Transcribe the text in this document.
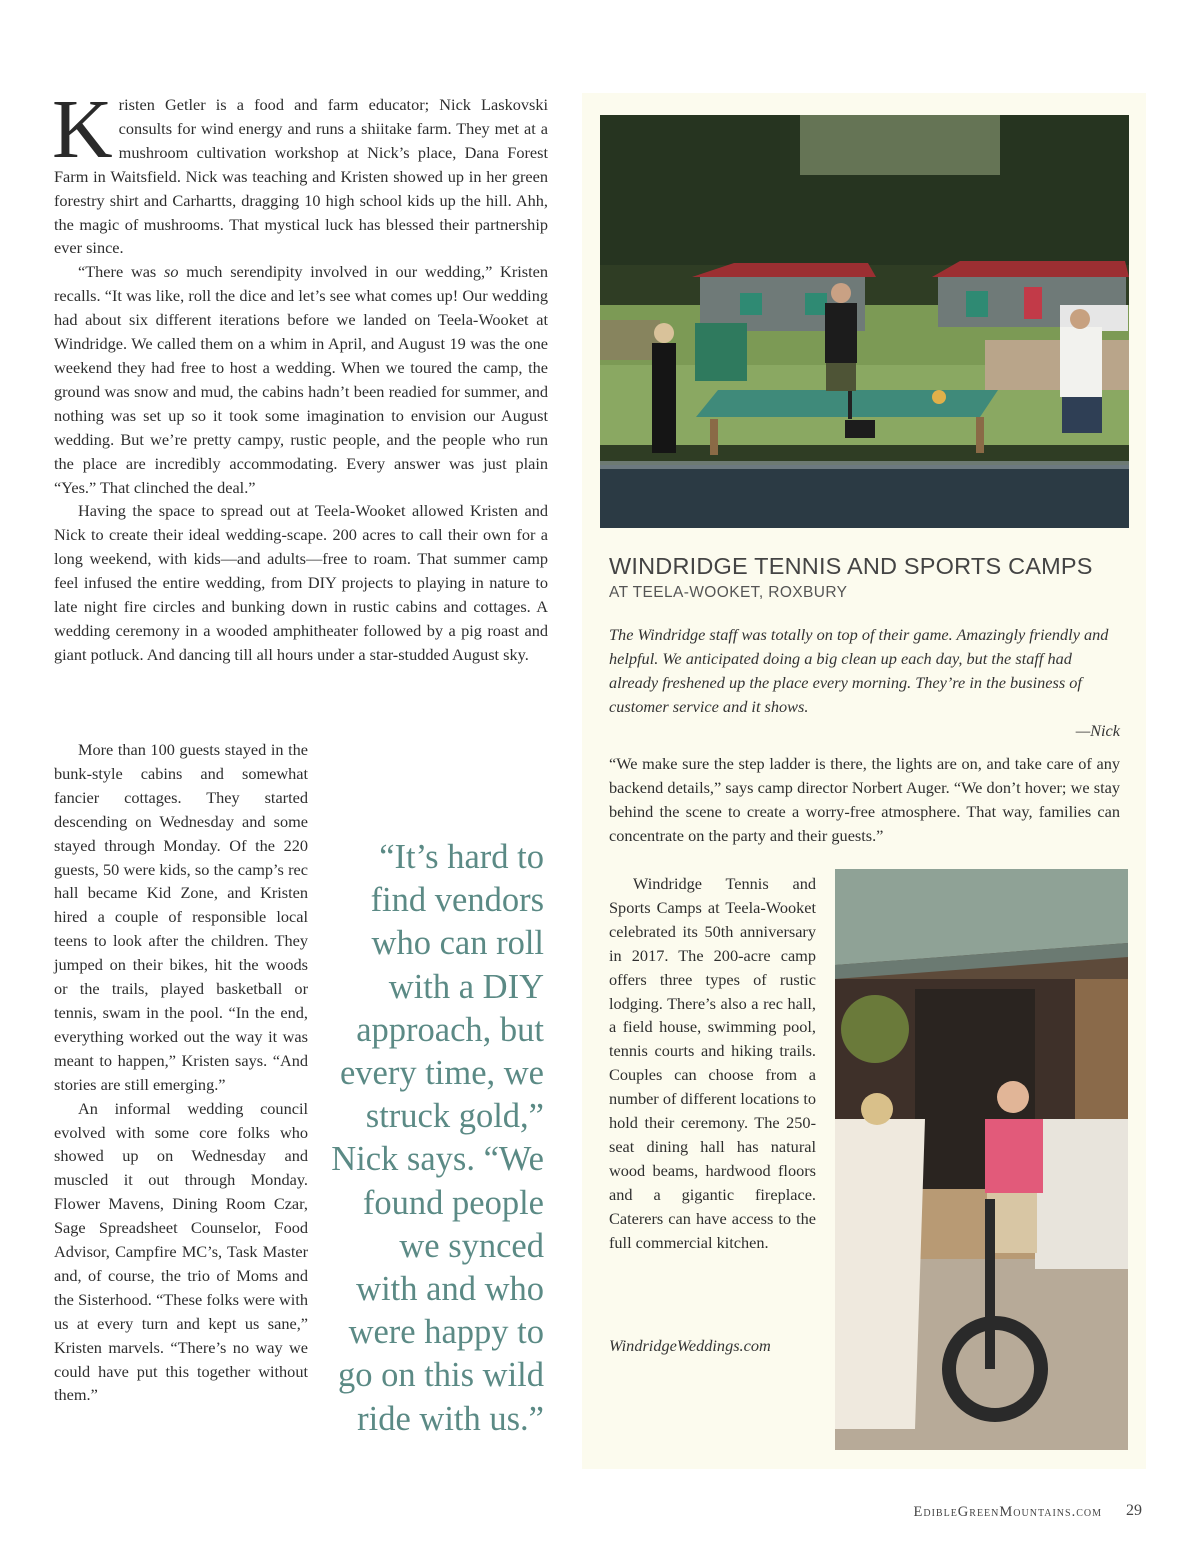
Kristen Getler is a food and farm educator; Nick Laskovski consults for wind energy and runs a shiitake farm. They met at a mushroom cultivation workshop at Nick’s place, Dana Forest Farm in Waitsfield. Nick was teaching and Kristen showed up in her green forestry shirt and Carhartts, dragging 10 high school kids up the hill. Ahh, the magic of mushrooms. That mystical luck has blessed their partnership ever since.

“There was so much serendipity involved in our wedding,” Kristen recalls. “It was like, roll the dice and let’s see what comes up! Our wedding had about six different iterations before we landed on Teela-Wooket at Windridge. We called them on a whim in April, and August 19 was the one weekend they had free to host a wedding. When we toured the camp, the ground was snow and mud, the cabins hadn’t been readied for summer, and nothing was set up so it took some imagination to envision our August wedding. But we’re pretty campy, rustic people, and the people who run the place are incredibly accommodating. Every answer was just plain “Yes.” That clinched the deal.”

Having the space to spread out at Teela-Wooket allowed Kristen and Nick to create their ideal wedding-scape. 200 acres to call their own for a long weekend, with kids—and adults—free to roam. That summer camp feel infused the entire wedding, from DIY projects to playing in nature to late night fire circles and bunking down in rustic cabins and cottages. A wedding ceremony in a wooded amphitheater followed by a pig roast and giant potluck. And dancing till all hours under a star-studded August sky.

More than 100 guests stayed in the bunk-style cabins and somewhat fancier cottages. They started descending on Wednesday and some stayed through Monday. Of the 220 guests, 50 were kids, so the camp’s rec hall became Kid Zone, and Kristen hired a couple of responsible local teens to look after the children. They jumped on their bikes, hit the woods or the trails, played basketball or tennis, swam in the pool. “In the end, everything worked out the way it was meant to happen,” Kristen says. “And stories are still emerging.”

An informal wedding council evolved with some core folks who showed up on Wednesday and muscled it out through Monday. Flower Mavens, Dining Room Czar, Sage Spreadsheet Counselor, Food Advisor, Campfire MC’s, Task Master and, of course, the trio of Moms and the Sisterhood. “These folks were with us at every turn and kept us sane,” Kristen marvels. “There’s no way we could have put this together without them.”

“It’s hard to find vendors who can roll with a DIY approach, but every time, we struck gold,” Nick says. “We found people we synced with and who were happy to go on this wild ride with us.”
WINDRIDGE TENNIS AND SPORTS CAMPS
AT TEELA-WOOKET, ROXBURY
The Windridge staff was totally on top of their game. Amazingly friendly and helpful. We anticipated doing a big clean up each day, but the staff had already freshened up the place every morning. They’re in the business of customer service and it shows.
—Nick
“We make sure the step ladder is there, the lights are on, and take care of any backend details,” says camp director Norbert Auger. “We don’t hover; we stay behind the scene to create a worry-free atmosphere. That way, families can concentrate on the party and their guests.”
Windridge Tennis and Sports Camps at Teela-Wooket celebrated its 50th anniversary in 2017. The 200-acre camp offers three types of rustic lodging. There’s also a rec hall, a field house, swimming pool, tennis courts and hiking trails. Couples can choose from a number of different locations to hold their ceremony. The 250-seat dining hall has natural wood beams, hardwood floors and a gigantic fireplace. Caterers can have access to the full commercial kitchen.
WindridgeWeddings.com
EdibleGreenMountains.com 29
